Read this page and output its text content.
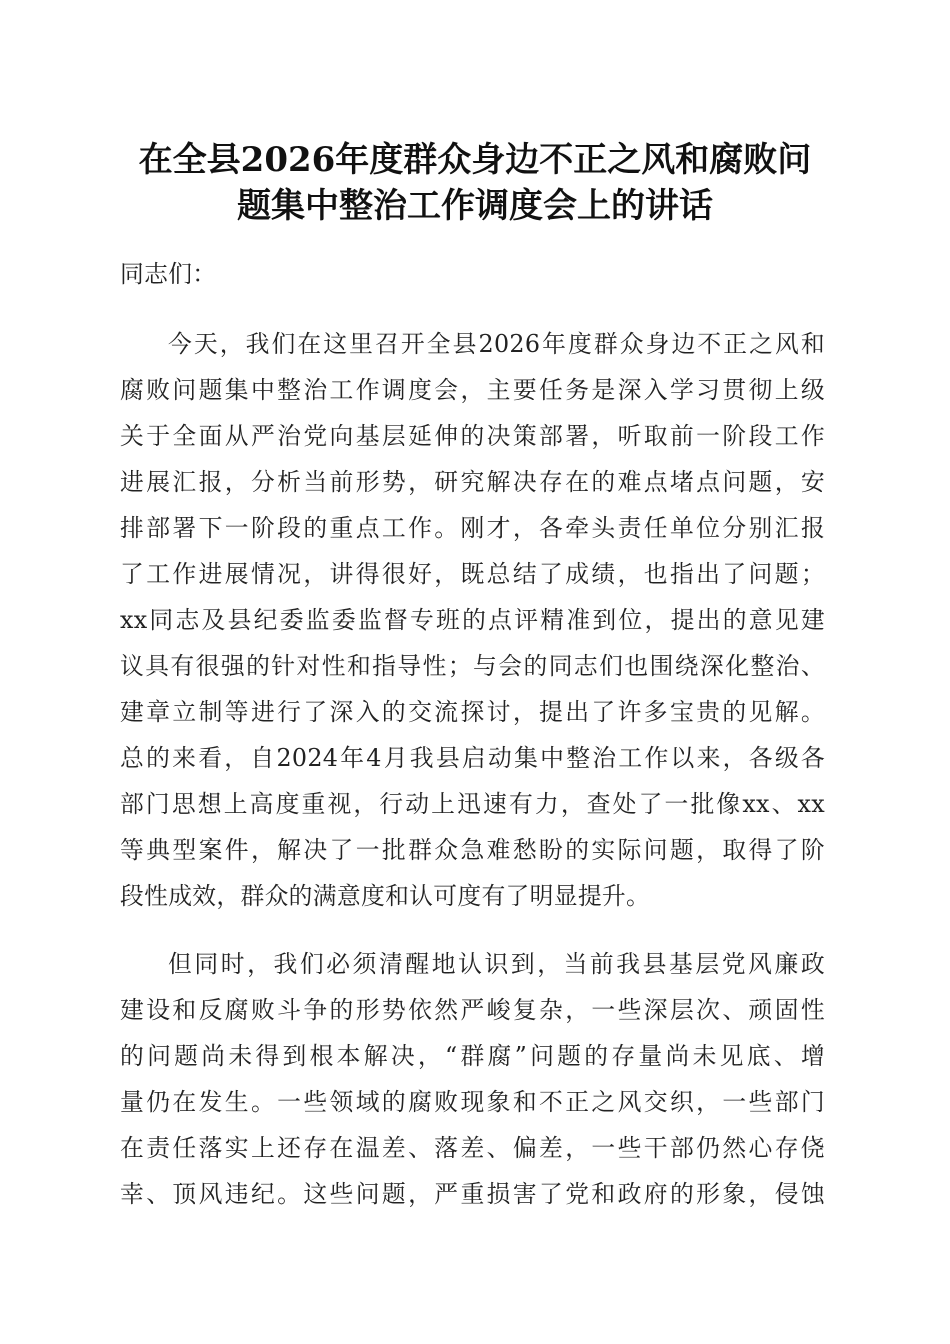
在全县2026年度群众身边不正之风和腐败问
题集中整治工作调度会上的讲话
同志们：
今天，我们在这里召开全县2026年度群众身边不正之风和
腐败问题集中整治工作调度会，主要任务是深入学习贯彻上级
关于全面从严治党向基层延伸的决策部署，听取前一阶段工作
进展汇报，分析当前形势，研究解决存在的难点堵点问题，安
排部署下一阶段的重点工作。刚才，各牵头责任单位分别汇报
了工作进展情况，讲得很好，既总结了成绩，也指出了问题；
xx同志及县纪委监委监督专班的点评精准到位，提出的意见建
议具有很强的针对性和指导性；与会的同志们也围绕深化整治、
建章立制等进行了深入的交流探讨，提出了许多宝贵的见解。
总的来看，自2024年4月我县启动集中整治工作以来，各级各
部门思想上高度重视，行动上迅速有力，查处了一批像xx、xx
等典型案件，解决了一批群众急难愁盼的实际问题，取得了阶
段性成效，群众的满意度和认可度有了明显提升。
但同时，我们必须清醒地认识到，当前我县基层党风廉政
建设和反腐败斗争的形势依然严峻复杂，一些深层次、顽固性
的问题尚未得到根本解决，“群腐”问题的存量尚未见底、增
量仍在发生。一些领域的腐败现象和不正之风交织，一些部门
在责任落实上还存在温差、落差、偏差，一些干部仍然心存侥
幸、顶风违纪。这些问题，严重损害了党和政府的形象，侵蚀
